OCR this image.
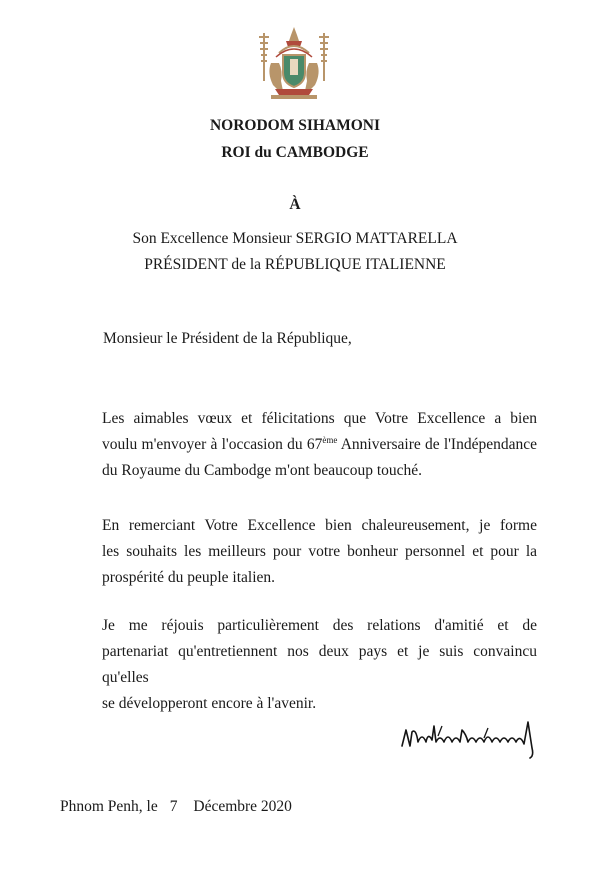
NORODOM SIHAMONI
ROI du CAMBODGE
À
Son Excellence Monsieur SERGIO MATTARELLA
PRÉSIDENT de la RÉPUBLIQUE ITALIENNE
Monsieur le Président de la République,
Les aimables vœux et félicitations que Votre Excellence a bien
voulu m'envoyer à l'occasion du 67ème Anniversaire de l'Indépendance
du Royaume du Cambodge m'ont beaucoup touché.
En remerciant Votre Excellence bien chaleureusement, je forme
les souhaits les meilleurs pour votre bonheur personnel et pour la
prospérité du peuple italien.
Je me réjouis particulièrement des relations d'amitié et de
partenariat qu'entretiennent nos deux pays et je suis convaincu qu'elles
se développeront encore à l'avenir.
Phnom Penh, le 7 Décembre 2020
